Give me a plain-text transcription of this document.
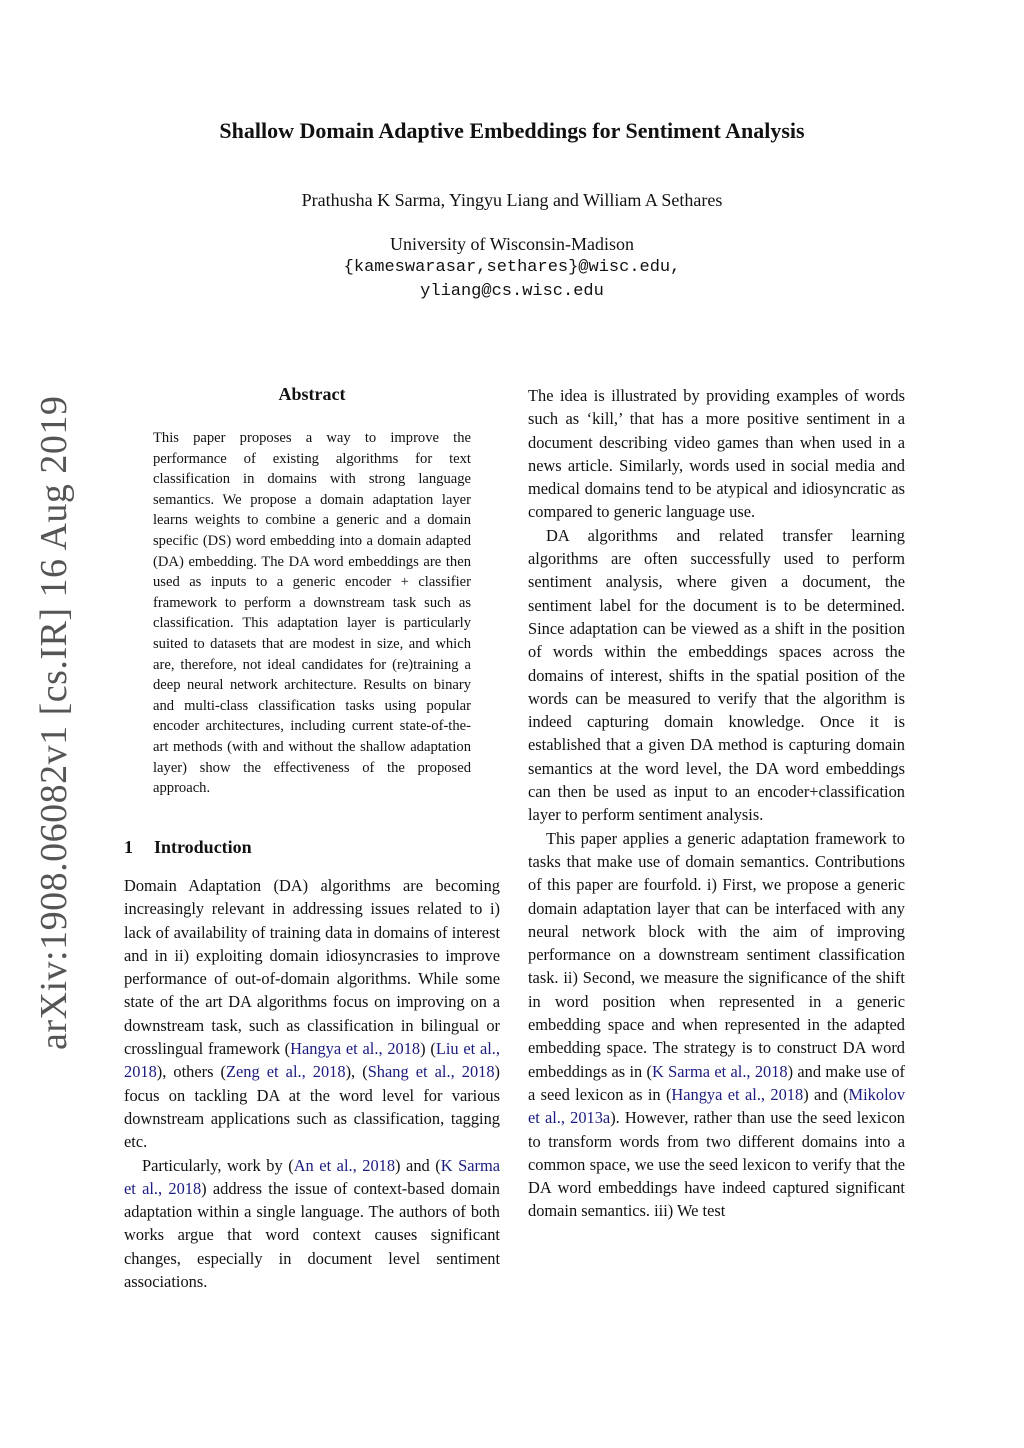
arXiv:1908.06082v1 [cs.IR] 16 Aug 2019
Shallow Domain Adaptive Embeddings for Sentiment Analysis
Prathusha K Sarma, Yingyu Liang and William A Sethares
University of Wisconsin-Madison
{kameswarasar,sethares}@wisc.edu,
yliang@cs.wisc.edu
Abstract

This paper proposes a way to improve the performance of existing algorithms for text classification in domains with strong language semantics. We propose a domain adaptation layer learns weights to combine a generic and a domain specific (DS) word embedding into a domain adapted (DA) embedding. The DA word embeddings are then used as inputs to a generic encoder + classifier framework to perform a downstream task such as classification. This adaptation layer is particularly suited to datasets that are modest in size, and which are, therefore, not ideal candidates for (re)training a deep neural network architecture. Results on binary and multi-class classification tasks using popular encoder architectures, including current state-of-the-art methods (with and without the shallow adaptation layer) show the effectiveness of the proposed approach.

1 Introduction

Domain Adaptation (DA) algorithms are becoming increasingly relevant in addressing issues related to i) lack of availability of training data in domains of interest and in ii) exploiting domain idiosyncrasies to improve performance of out-of-domain algorithms. While some state of the art DA algorithms focus on improving on a downstream task, such as classification in bilingual or crosslingual framework (Hangya et al., 2018) (Liu et al., 2018), others (Zeng et al., 2018), (Shang et al., 2018) focus on tackling DA at the word level for various downstream applications such as classification, tagging etc.

Particularly, work by (An et al., 2018) and (K Sarma et al., 2018) address the issue of context-based domain adaptation within a single language. The authors of both works argue that word context causes significant changes, especially in document level sentiment associations.

The idea is illustrated by providing examples of words such as ‘kill,’ that has a more positive sentiment in a document describing video games than when used in a news article. Similarly, words used in social media and medical domains tend to be atypical and idiosyncratic as compared to generic language use.

DA algorithms and related transfer learning algorithms are often successfully used to perform sentiment analysis, where given a document, the sentiment label for the document is to be determined. Since adaptation can be viewed as a shift in the position of words within the embeddings spaces across the domains of interest, shifts in the spatial position of the words can be measured to verify that the algorithm is indeed capturing domain knowledge. Once it is established that a given DA method is capturing domain semantics at the word level, the DA word embeddings can then be used as input to an encoder+classification layer to perform sentiment analysis.

This paper applies a generic adaptation framework to tasks that make use of domain semantics. Contributions of this paper are fourfold. i) First, we propose a generic domain adaptation layer that can be interfaced with any neural network block with the aim of improving performance on a downstream sentiment classification task. ii) Second, we measure the significance of the shift in word position when represented in a generic embedding space and when represented in the adapted embedding space. The strategy is to construct DA word embeddings as in (K Sarma et al., 2018) and make use of a seed lexicon as in (Hangya et al., 2018) and (Mikolov et al., 2013a). However, rather than use the seed lexicon to transform words from two different domains into a common space, we use the seed lexicon to verify that the DA word embeddings have indeed captured significant domain semantics. iii) We test
